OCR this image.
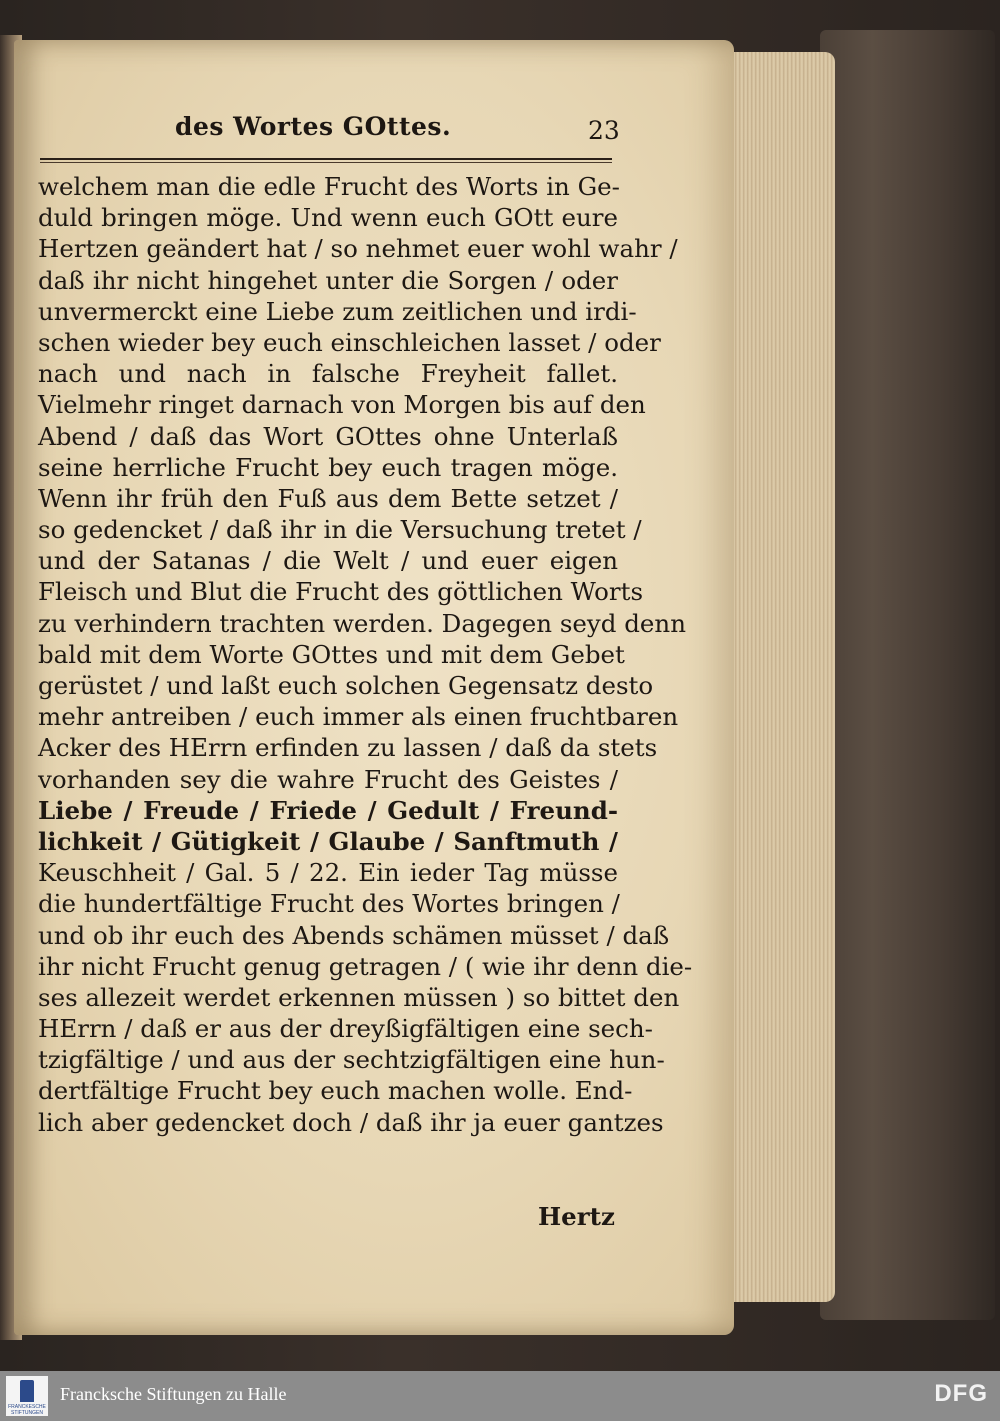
des Wortes GOttes.	23
welchem man die edle Frucht des Worts in Ge-
duld bringen möge. Und wenn euch GOtt eure
Hertzen geändert hat / so nehmet euer wohl wahr /
daß ihr nicht hingehet unter die Sorgen / oder
unvermerckt eine Liebe zum zeitlichen und irdi-
schen wieder bey euch einschleichen lasset / oder
nach und nach in falsche Freyheit fallet.
Vielmehr ringet darnach von Morgen bis auf den
Abend / daß das Wort GOttes ohne Unterlaß
seine herrliche Frucht bey euch tragen möge.
Wenn ihr früh den Fuß aus dem Bette setzet /
so gedencket / daß ihr in die Versuchung tretet /
und der Satanas / die Welt / und euer eigen
Fleisch und Blut die Frucht des göttlichen Worts
zu verhindern trachten werden. Dagegen seyd denn
bald mit dem Worte GOttes und mit dem Gebet
gerüstet / und laßt euch solchen Gegensatz desto
mehr antreiben / euch immer als einen fruchtbaren
Acker des HErrn erfinden zu lassen / daß da stets
vorhanden sey die wahre Frucht des Geistes /
Liebe / Freude / Friede / Gedult / Freund-
lichkeit / Gütigkeit / Glaube / Sanftmuth /
Keuschheit / Gal. 5 / 22. Ein ieder Tag müsse
die hundertfältige Frucht des Wortes bringen /
und ob ihr euch des Abends schämen müsset / daß
ihr nicht Frucht genug getragen / ( wie ihr denn die-
ses allezeit werdet erkennen müssen ) so bittet den
HErrn / daß er aus der dreyßigfältigen eine sech-
tzigfältige / und aus der sechtzigfältigen eine hun-
dertfältige Frucht bey euch machen wolle. End-
lich aber gedencket doch / daß ihr ja euer gantzes
Hertz
FRANCKESCHE STIFTUNGEN
Francksche Stiftungen zu Halle	DFG
